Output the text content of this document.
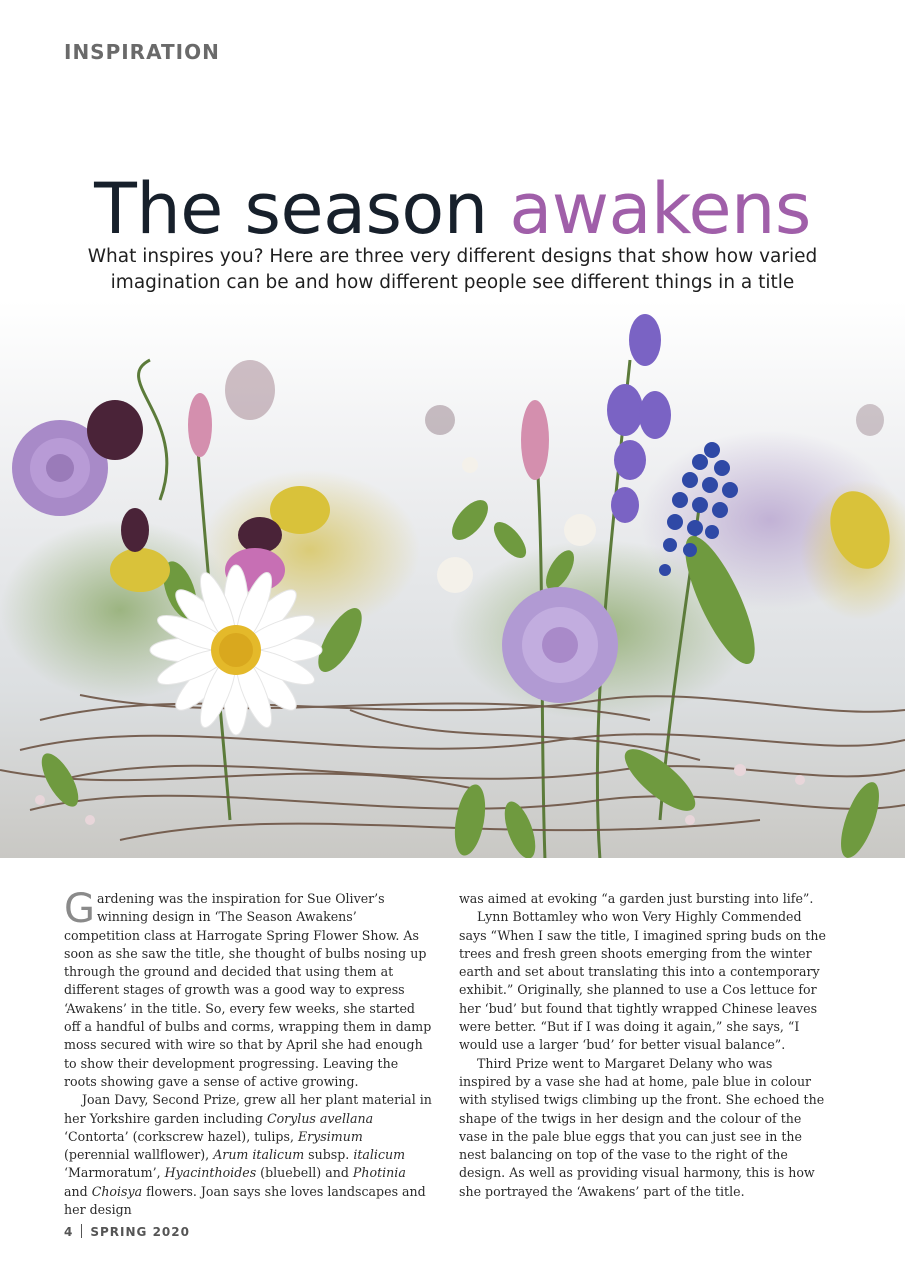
INSPIRATION
The season awakens
What inspires you? Here are three very different designs that show how varied imagination can be and how different people see different things in a title

Gardening was the inspiration for Sue Oliver’s winning design in ‘The Season Awakens’ competition class at Harrogate Spring Flower Show. As soon as she saw the title, she thought of bulbs nosing up through the ground and decided that using them at different stages of growth was a good way to express ‘Awakens’ in the title. So, every few weeks, she started off a handful of bulbs and corms, wrapping them in damp moss secured with wire so that by April she had enough to show their development progressing. Leaving the roots showing gave a sense of active growing.

Joan Davy, Second Prize, grew all her plant material in her Yorkshire garden including Corylus avellana ‘Contorta’ (corkscrew hazel), tulips, Erysimum (perennial wallflower), Arum italicum subsp. italicum ‘Marmoratum’, Hyacinthoides (bluebell) and Photinia and Choisya flowers. Joan says she loves landscapes and her design

was aimed at evoking “a garden just bursting into life”.

Lynn Bottamley who won Very Highly Commended says “When I saw the title, I imagined spring buds on the trees and fresh green shoots emerging from the winter earth and set about translating this into a contemporary exhibit.” Originally, she planned to use a Cos lettuce for her ‘bud’ but found that tightly wrapped Chinese leaves were better. “But if I was doing it again,” she says, “I would use a larger ‘bud’ for better visual balance”.

Third Prize went to Margaret Delany who was inspired by a vase she had at home, pale blue in colour with stylised twigs climbing up the front. She echoed the shape of the twigs in her design and the colour of the vase in the pale blue eggs that you can just see in the nest balancing on top of the vase to the right of the design. As well as providing visual harmony, this is how she portrayed the ‘Awakens’ part of the title.

4 SPRING 2020
